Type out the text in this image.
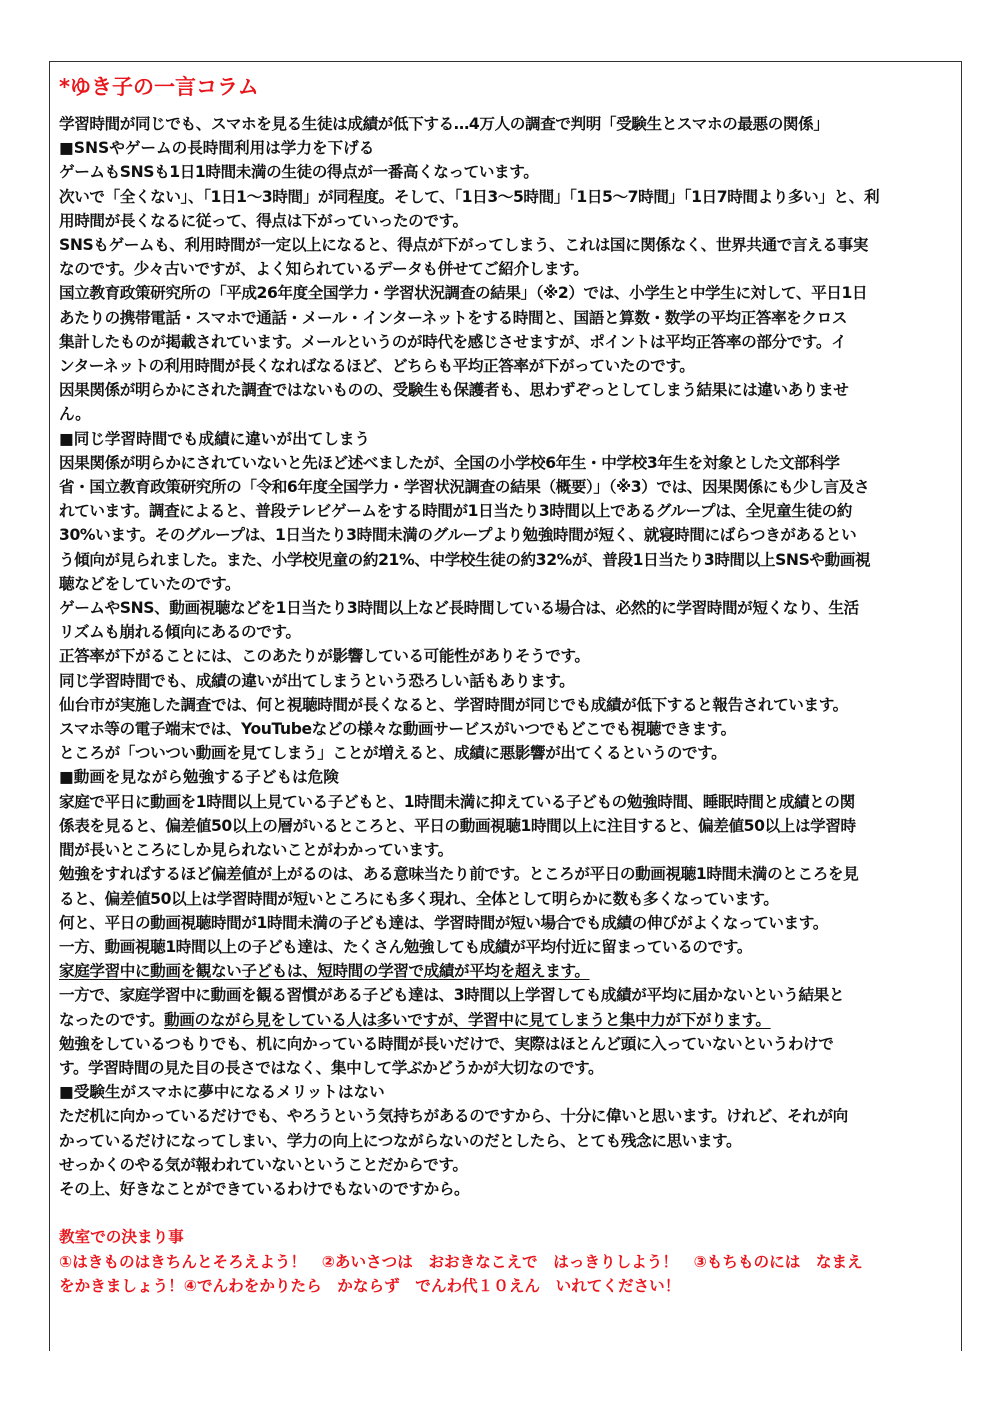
*ゆき子の一言コラム
学習時間が同じでも、スマホを見る生徒は成績が低下する…4万人の調査で判明「受験生とスマホの最悪の関係」
■SNSやゲームの長時間利用は学力を下げる
ゲームもSNSも1日1時間未満の生徒の得点が一番高くなっています。
次いで「全くない」、「1日1～3時間」が同程度。そして、「1日3～5時間」「1日5～7時間」「1日7時間より多い」と、利
用時間が長くなるに従って、得点は下がっていったのです。
SNSもゲームも、利用時間が一定以上になると、得点が下がってしまう、これは国に関係なく、世界共通で言える事実
なのです。少々古いですが、よく知られているデータも併せてご紹介します。
国立教育政策研究所の「平成26年度全国学力・学習状況調査の結果」（※2）では、小学生と中学生に対して、平日1日
あたりの携帯電話・スマホで通話・メール・インターネットをする時間と、国語と算数・数学の平均正答率をクロス
集計したものが掲載されています。メールというのが時代を感じさせますが、ポイントは平均正答率の部分です。イ
ンターネットの利用時間が長くなればなるほど、どちらも平均正答率が下がっていたのです。
因果関係が明らかにされた調査ではないものの、受験生も保護者も、思わずぞっとしてしまう結果には違いありませ
ん。
■同じ学習時間でも成績に違いが出てしまう
因果関係が明らかにされていないと先ほど述べましたが、全国の小学校6年生・中学校3年生を対象とした文部科学
省・国立教育政策研究所の「令和6年度全国学力・学習状況調査の結果（概要）」（※3）では、因果関係にも少し言及さ
れています。調査によると、普段テレビゲームをする時間が1日当たり3時間以上であるグループは、全児童生徒の約
30%います。そのグループは、1日当たり3時間未満のグループより勉強時間が短く、就寝時間にばらつきがあるとい
う傾向が見られました。また、小学校児童の約21%、中学校生徒の約32%が、普段1日当たり3時間以上SNSや動画視
聴などをしていたのです。
ゲームやSNS、動画視聴などを1日当たり3時間以上など長時間している場合は、必然的に学習時間が短くなり、生活
リズムも崩れる傾向にあるのです。
正答率が下がることには、このあたりが影響している可能性がありそうです。
同じ学習時間でも、成績の違いが出てしまうという恐ろしい話もあります。
仙台市が実施した調査では、何と視聴時間が長くなると、学習時間が同じでも成績が低下すると報告されています。
スマホ等の電子端末では、YouTubeなどの様々な動画サービスがいつでもどこでも視聴できます。
ところが「ついつい動画を見てしまう」ことが増えると、成績に悪影響が出てくるというのです。
■動画を見ながら勉強する子どもは危険
家庭で平日に動画を1時間以上見ている子どもと、1時間未満に抑えている子どもの勉強時間、睡眠時間と成績との関
係表を見ると、偏差値50以上の層がいるところと、平日の動画視聴1時間以上に注目すると、偏差値50以上は学習時
間が長いところにしか見られないことがわかっています。
勉強をすればするほど偏差値が上がるのは、ある意味当たり前です。ところが平日の動画視聴1時間未満のところを見
ると、偏差値50以上は学習時間が短いところにも多く現れ、全体として明らかに数も多くなっています。
何と、平日の動画視聴時間が1時間未満の子ども達は、学習時間が短い場合でも成績の伸びがよくなっています。
一方、動画視聴1時間以上の子ども達は、たくさん勉強しても成績が平均付近に留まっているのです。
家庭学習中に動画を観ない子どもは、短時間の学習で成績が平均を超えます。
一方で、家庭学習中に動画を観る習慣がある子ども達は、3時間以上学習しても成績が平均に届かないという結果と
なったのです。動画のながら見をしている人は多いですが、学習中に見てしまうと集中力が下がります。
勉強をしているつもりでも、机に向かっている時間が長いだけで、実際はほとんど頭に入っていないというわけで
す。学習時間の見た目の長さではなく、集中して学ぶかどうかが大切なのです。
■受験生がスマホに夢中になるメリットはない
ただ机に向かっているだけでも、やろうという気持ちがあるのですから、十分に偉いと思います。けれど、それが向
かっているだけになってしまい、学力の向上につながらないのだとしたら、とても残念に思います。
せっかくのやる気が報われていないということだからです。
その上、好きなことができているわけでもないのですから。
教室での決まり事
①はきものはきちんとそろえよう！　②あいさつは　おおきなこえで　はっきりしよう！　③もちものには　なまえ
をかきましょう！④でんわをかりたら　かならず　でんわ代１０えん　いれてください！
